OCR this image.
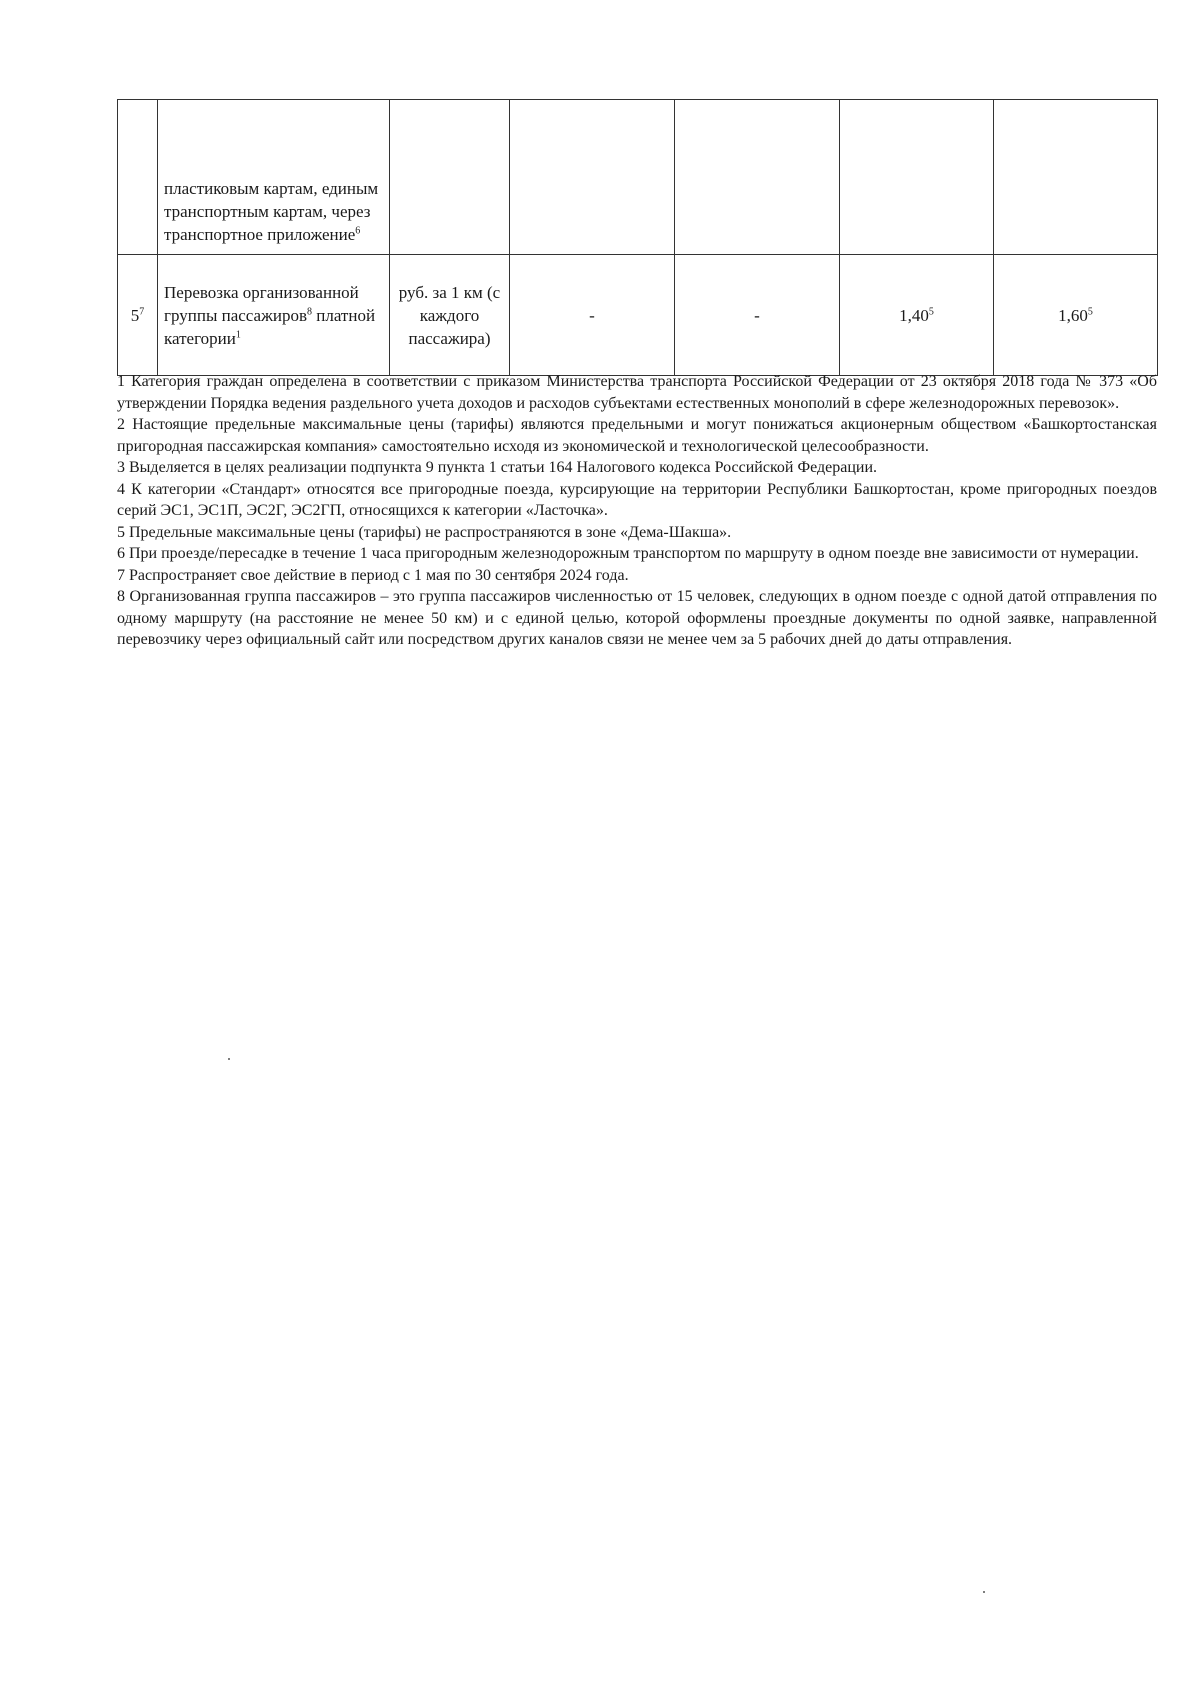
	пластиковым картам, единым транспортным картам, через транспортное приложение$^6$					
$5^7$	Перевозка организованной группы пассажиров$^8$ платной категории$^1$	руб. за 1 км (с каждого пассажира)	-	-	1,40$^5$	1,60$^5$

1 Категория граждан определена в соответствии с приказом Министерства транспорта Российской Федерации от 23 октября 2018 года № 373 «Об утверждении Порядка ведения раздельного учета доходов и расходов субъектами естественных монополий в сфере железнодорожных перевозок».

2 Настоящие предельные максимальные цены (тарифы) являются предельными и могут понижаться акционерным обществом «Башкортостанская пригородная пассажирская компания» самостоятельно исходя из экономической и технологической целесообразности.

3 Выделяется в целях реализации подпункта 9 пункта 1 статьи 164 Налогового кодекса Российской Федерации.

4 К категории «Стандарт» относятся все пригородные поезда, курсирующие на территории Республики Башкортостан, кроме пригородных поездов серий ЭС1, ЭС1П, ЭС2Г, ЭС2ГП, относящихся к категории «Ласточка».

5 Предельные максимальные цены (тарифы) не распространяются в зоне «Дема-Шакша».

6 При проезде/пересадке в течение 1 часа пригородным железнодорожным транспортом по маршруту в одном поезде вне зависимости от нумерации.

7 Распространяет свое действие в период с 1 мая по 30 сентября 2024 года.

8 Организованная группа пассажиров – это группа пассажиров численностью от 15 человек, следующих в одном поезде с одной датой отправления по одному маршруту (на расстояние не менее 50 км) и с единой целью, которой оформлены проездные документы по одной заявке, направленной перевозчику через официальный сайт или посредством других каналов связи не менее чем за 5 рабочих дней до даты отправления.
